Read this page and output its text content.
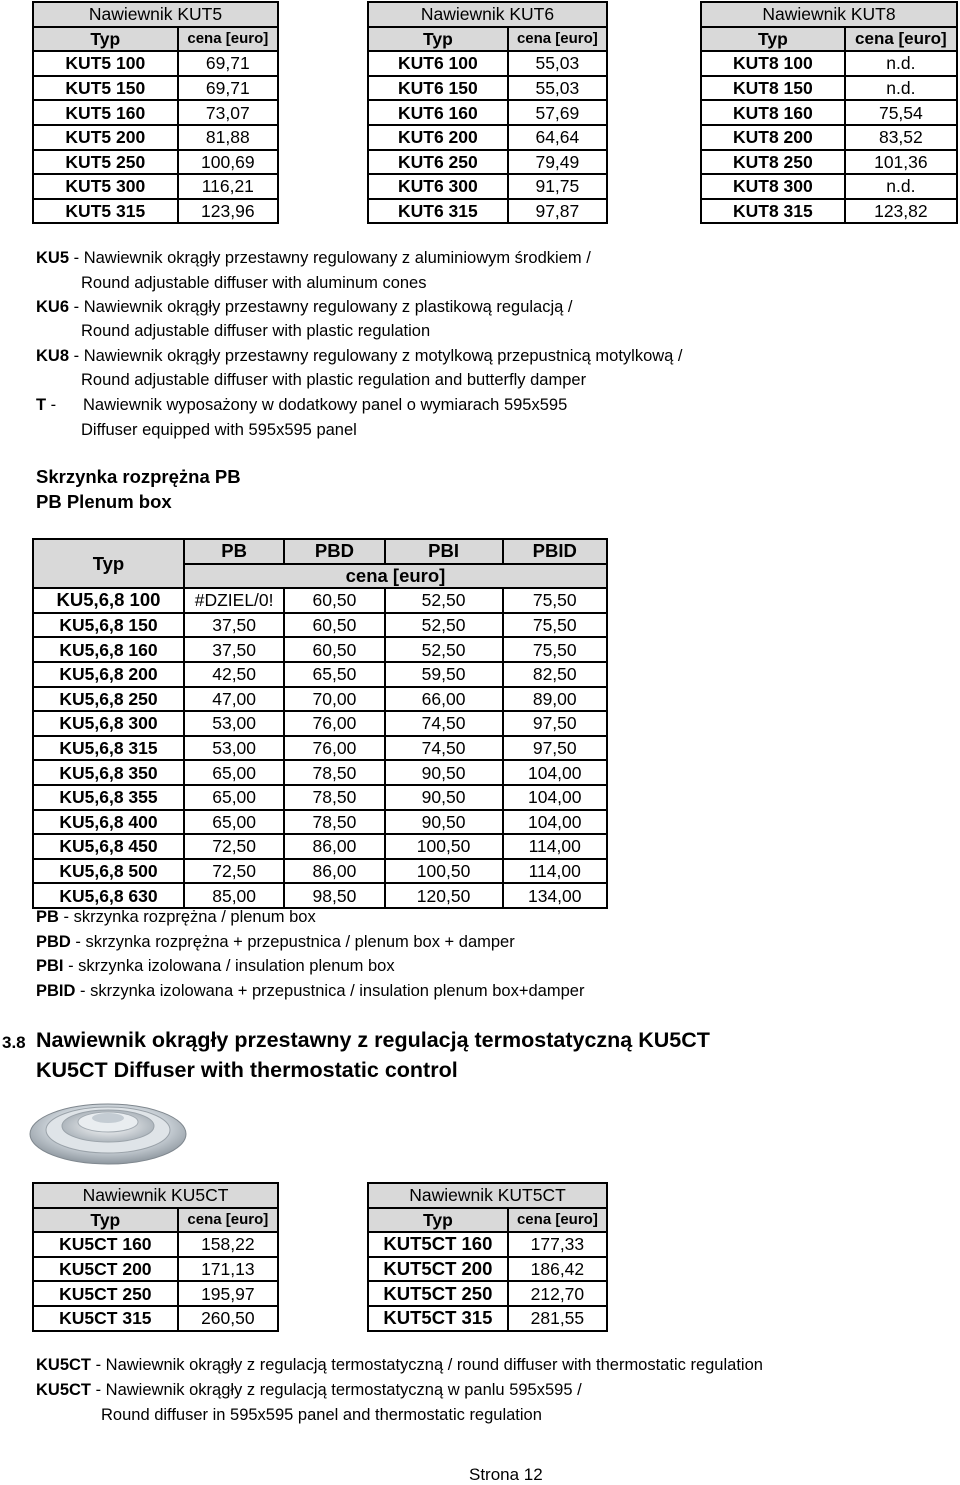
Nawiewnik KUT5	
Typ	cena [euro]
KUT5 100	69,71
KUT5 150	69,71
KUT5 160	73,07
KUT5 200	81,88
KUT5 250	100,69
KUT5 300	116,21
KUT5 315	123,96
Nawiewnik KUT6	
Typ	cena [euro]
KUT6 100	55,03
KUT6 150	55,03
KUT6 160	57,69
KUT6 200	64,64
KUT6 250	79,49
KUT6 300	91,75
KUT6 315	97,87
Nawiewnik KUT8	
Typ	cena [euro]
KUT8 100	n.d.
KUT8 150	n.d.
KUT8 160	75,54
KUT8 200	83,52
KUT8 250	101,36
KUT8 300	n.d.
KUT8 315	123,82
KU5 - Nawiewnik okrągły przestawny regulowany z aluminiowym środkiem /
Round adjustable diffuser with aluminum cones
KU6 - Nawiewnik okrągły przestawny regulowany z plastikową regulacją /
Round adjustable diffuser with plastic regulation
KU8 - Nawiewnik okrągły przestawny regulowany z motylkową przepustnicą motylkową /
Round adjustable diffuser with plastic regulation and butterfly damper
T - Nawiewnik wyposażony w dodatkowy panel o wymiarach 595x595
Diffuser equipped with 595x595 panel
Skrzynka rozprężna PB
PB Plenum box
Typ	PB	PBD	PBI	PBID
	cena [euro]			
KU5,6,8 100	#DZIEL/0!	60,50	52,50	75,50
KU5,6,8 150	37,50	60,50	52,50	75,50
KU5,6,8 160	37,50	60,50	52,50	75,50
KU5,6,8 200	42,50	65,50	59,50	82,50
KU5,6,8 250	47,00	70,00	66,00	89,00
KU5,6,8 300	53,00	76,00	74,50	97,50
KU5,6,8 315	53,00	76,00	74,50	97,50
KU5,6,8 350	65,00	78,50	90,50	104,00
KU5,6,8 355	65,00	78,50	90,50	104,00
KU5,6,8 400	65,00	78,50	90,50	104,00
KU5,6,8 450	72,50	86,00	100,50	114,00
KU5,6,8 500	72,50	86,00	100,50	114,00
KU5,6,8 630	85,00	98,50	120,50	134,00
PB - skrzynka rozprężna / plenum box
PBD - skrzynka rozprężna + przepustnica / plenum box + damper
PBI - skrzynka izolowana / insulation plenum box
PBID - skrzynka izolowana + przepustnica / insulation plenum box+damper
3.8 Nawiewnik okrągły przestawny z regulacją termostatyczną KU5CT
KU5CT Diffuser with thermostatic control
Nawiewnik KU5CT	
Typ	cena [euro]
KU5CT 160	158,22
KU5CT 200	171,13
KU5CT 250	195,97
KU5CT 315	260,50
Nawiewnik KUT5CT	
Typ	cena [euro]
KUT5CT 160	177,33
KUT5CT 200	186,42
KUT5CT 250	212,70
KUT5CT 315	281,55
KU5CT - Nawiewnik okrągły z regulacją termostatyczną / round diffuser with thermostatic regulation
KU5CT - Nawiewnik okrągły z regulacją termostatyczną w panlu 595x595 /
Round diffuser in 595x595 panel and thermostatic regulation
Strona 12
